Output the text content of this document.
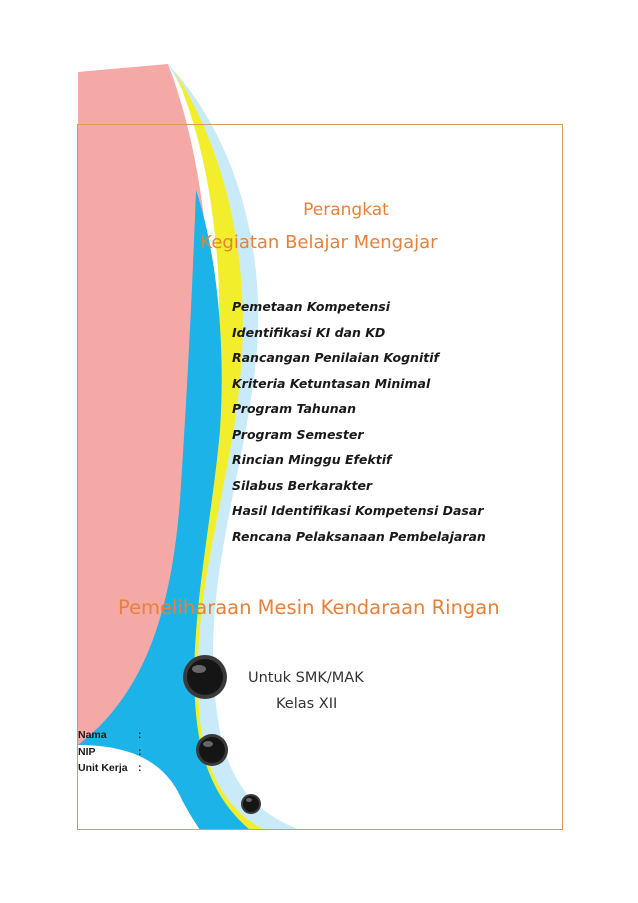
Perangkat
Kegiatan Belajar Mengajar
Pemetaan Kompetensi
Identifikasi KI dan KD
Rancangan Penilaian Kognitif
Kriteria Ketuntasan Minimal
Program Tahunan
Program Semester
Rincian Minggu Efektif
Silabus Berkarakter
Hasil Identifikasi Kompetensi Dasar
Rencana Pelaksanaan Pembelajaran
Pemeliharaan Mesin Kendaraan Ringan
Untuk SMK/MAK
Kelas XII
Nama	:
NIP	:
Unit Kerja :
